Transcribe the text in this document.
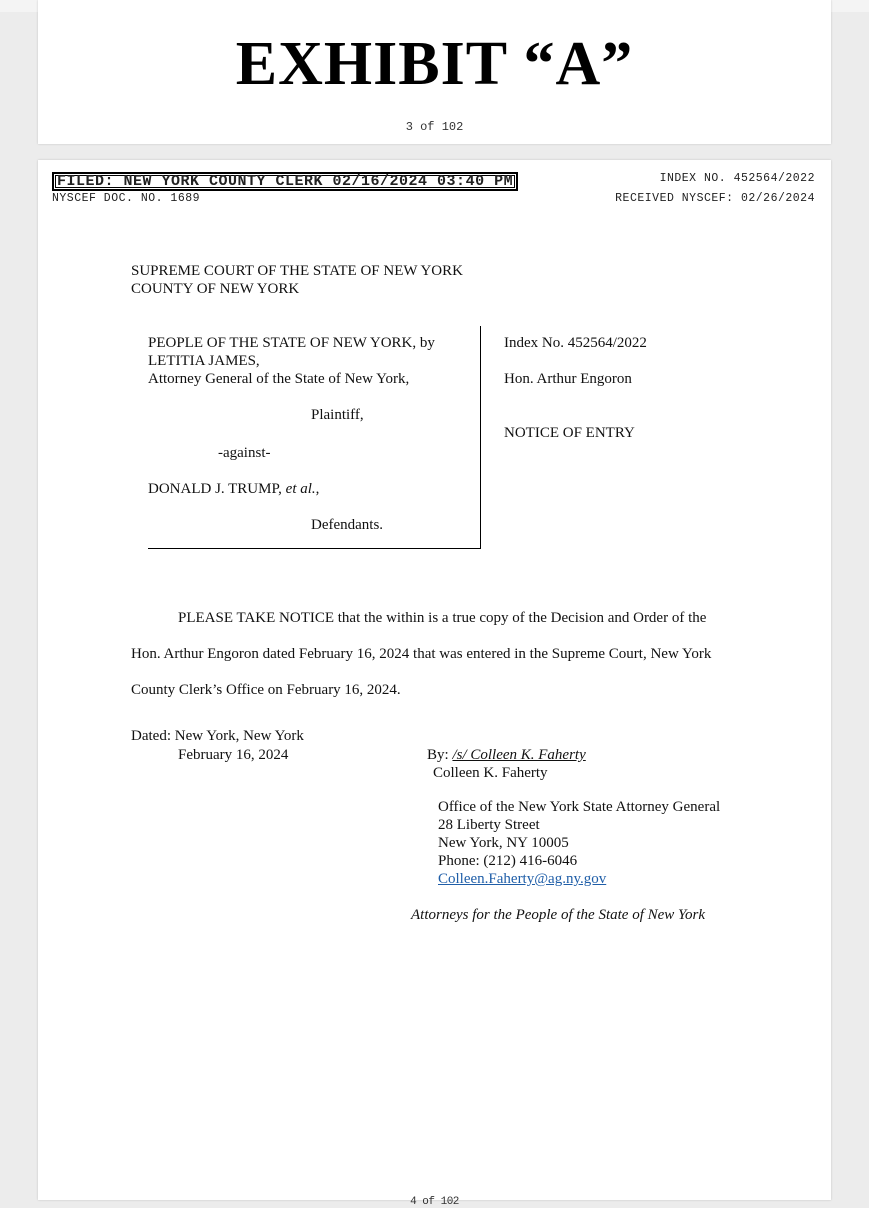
EXHIBIT “A”
3 of 102
FILED: NEW YORK COUNTY CLERK 02/16/2024 03:40 PM
NYSCEF DOC. NO. 1689
INDEX NO. 452564/2022
RECEIVED NYSCEF: 02/26/2024
SUPREME COURT OF THE STATE OF NEW YORK
COUNTY OF NEW YORK
PEOPLE OF THE STATE OF NEW YORK, by
LETITIA JAMES,
Attorney General of the State of New York,
Plaintiff,
-against-
DONALD J. TRUMP, et al.,
Defendants.
Index No. 452564/2022
Hon. Arthur Engoron
NOTICE OF ENTRY
PLEASE TAKE NOTICE that the within is a true copy of the Decision and Order of the
Hon. Arthur Engoron dated February 16, 2024 that was entered in the Supreme Court, New York
County Clerk’s Office on February 16, 2024.
Dated: New York, New York
February 16, 2024	By: /s/ Colleen K. Faherty
Colleen K. Faherty
Office of the New York State Attorney General
28 Liberty Street
New York, NY 10005
Phone: (212) 416-6046
Colleen.Faherty@ag.ny.gov
Attorneys for the People of the State of New York
4 of 102
